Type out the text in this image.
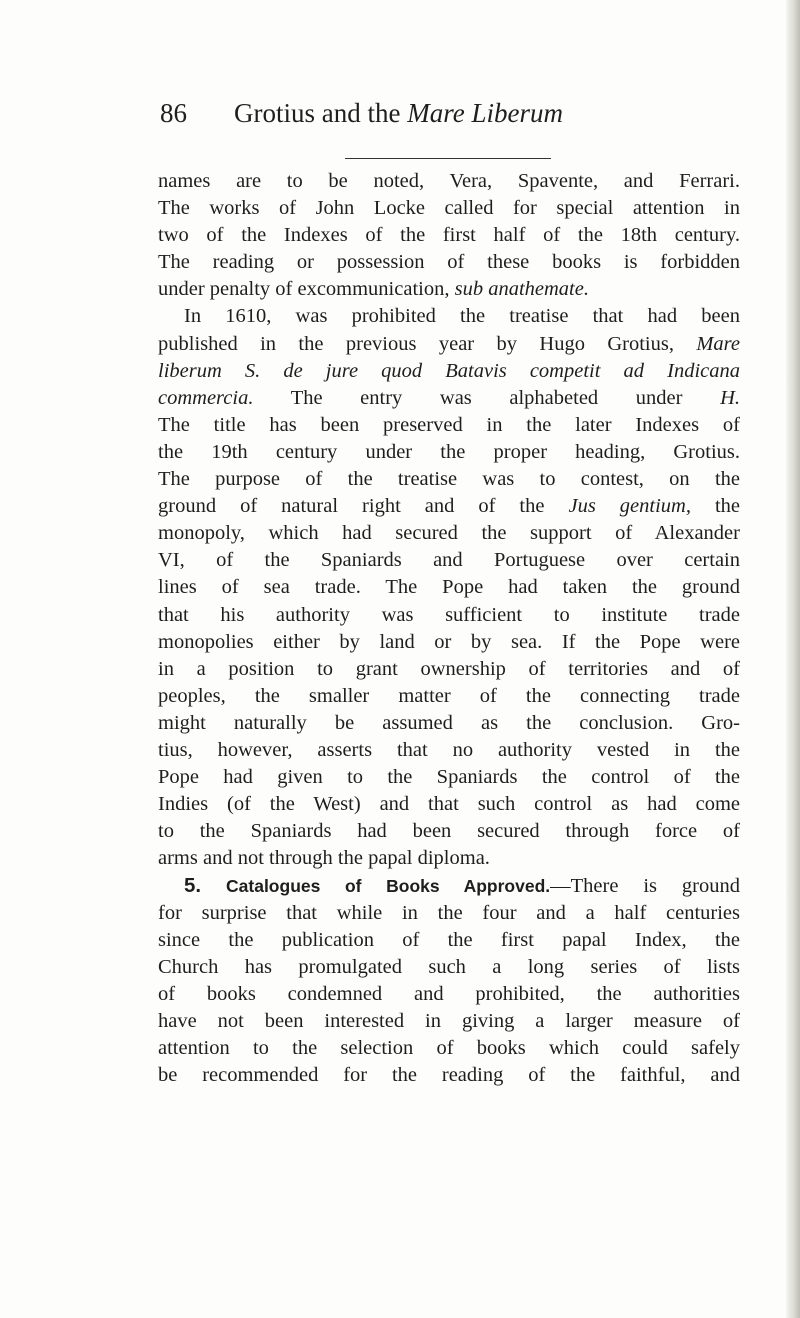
86 Grotius and the Mare Liberum
names are to be noted, Vera, Spavente, and Ferrari.
The works of John Locke called for special attention in
two of the Indexes of the first half of the 18th century.
The reading or possession of these books is forbidden
under penalty of excommunication, sub anathemate.
In 1610, was prohibited the treatise that had been
published in the previous year by Hugo Grotius, Mare
liberum S. de jure quod Batavis competit ad Indicana
commercia. The entry was alphabeted under H.
The title has been preserved in the later Indexes of
the 19th century under the proper heading, Grotius.
The purpose of the treatise was to contest, on the
ground of natural right and of the Jus gentium, the
monopoly, which had secured the support of Alexander
VI, of the Spaniards and Portuguese over certain
lines of sea trade. The Pope had taken the ground
that his authority was sufficient to institute trade
monopolies either by land or by sea. If the Pope were
in a position to grant ownership of territories and of
peoples, the smaller matter of the connecting trade
might naturally be assumed as the conclusion. Gro-
tius, however, asserts that no authority vested in the
Pope had given to the Spaniards the control of the
Indies (of the West) and that such control as had come
to the Spaniards had been secured through force of
arms and not through the papal diploma.
5. Catalogues of Books Approved.—There is ground
for surprise that while in the four and a half centuries
since the publication of the first papal Index, the
Church has promulgated such a long series of lists
of books condemned and prohibited, the authorities
have not been interested in giving a larger measure of
attention to the selection of books which could safely
be recommended for the reading of the faithful, and
